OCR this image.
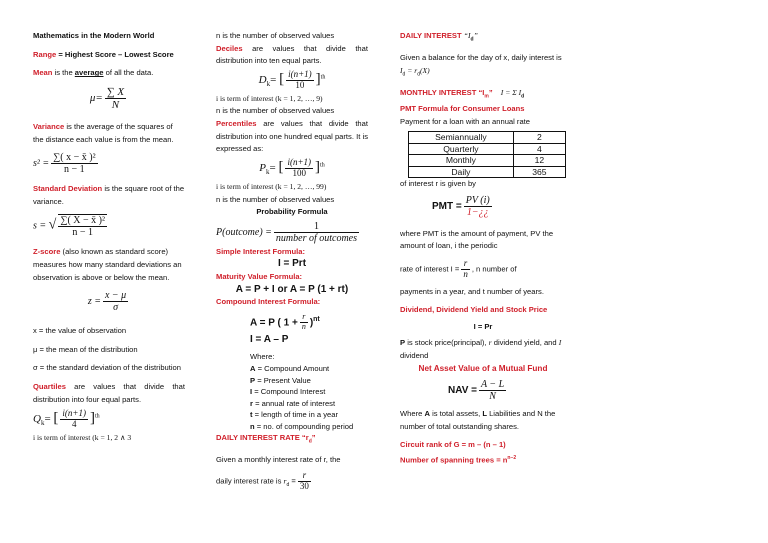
Mathematics in the Modern World
Range = Highest Score – Lowest Score
Mean is the average of all the data.
$\mu= \frac{\sum X}{N}$
Variance is the average of the squares of the distance each value is from the mean.
$s^2 = \frac{\text{∑( x − x̄ )²}}{n - 1}$
Standard Deviation is the square root of the variance.
s = √ $\frac{\text{∑( X − x̄ )²}}{n - 1}$
Z-score (also known as standard score) measures how many standard deviations an observation is above or below the mean.
$z = \frac{x - \mu}{\sigma}$
x = the value of observation
μ = the mean of the distribution
σ = the standard deviation of the distribution
Quartiles are values that divide that distribution into four equal parts.
$Q_k=$ [ $\frac{i(n+1)}{4} ]^{th}$
i is term of interest (k = 1, 2 ∧ 3
n is the number of observed values
Deciles are values that divide that distribution into ten equal parts.
$D_k=$ [ $\frac{i(n+1)}{10} ]^{th}$
i is term of interest (k = 1, 2, …, 9)
n is the number of observed values
Percentiles are values that divide that distribution into one hundred equal parts. It is expressed as:
$P_k=$ [ $\frac{i(n+1)}{100} ]^{th}$
i is term of interest (k = 1, 2, …, 99)
n is the number of observed values
Probability Formula
P(outcome) = $\frac{1}{\text{number of outcomes}}$
Simple Interest Formula:
I = Prt
Maturity Value Formula:
A = P + I or A = P (1 + rt)
Compound Interest Formula:
A = P ( $1 + \frac{r}{n} )^{nt}$
I = A – P
Where:
A = Compound Amount
P = Present Value
I = Compound Interest
r = annual rate of interest
t = length of time in a year
n = no. of compounding period
DAILY INTEREST RATE “$r_d$”
Given a monthly interest rate of r, the
daily interest rate is $r_d = \frac{r}{30}$
DAILY INTEREST “$I_d$”
Given a balance for the day of x, daily interest is $I_d = r_d(X)$
MONTHLY INTEREST “$I_m$” I = Σ $I_d$
PMT Formula for Consumer Loans
Payment for a loan with an annual rate
Semiannually	2
Quarterly	4
Monthly	12
Daily	365
of interest r is given by
PMT = $\frac{PV (i)}{1-¿¿}$
where PMT is the amount of payment, PV the amount of loan, i the periodic
rate of interest $I = \frac{r}{n}$ , n number of
payments in a year, and t number of years.
Dividend, Dividend Yield and Stock Price
I = Pr
P is stock price(principal), r dividend yield, and I dividend
Net Asset Value of a Mutual Fund
NAV = $\frac{A - L}{N}$
Where A is total assets, L Liabilities and N the number of total outstanding shares.
Circuit rank of G = m – (n – 1)
Number of spanning trees = $n^{n-2}$
